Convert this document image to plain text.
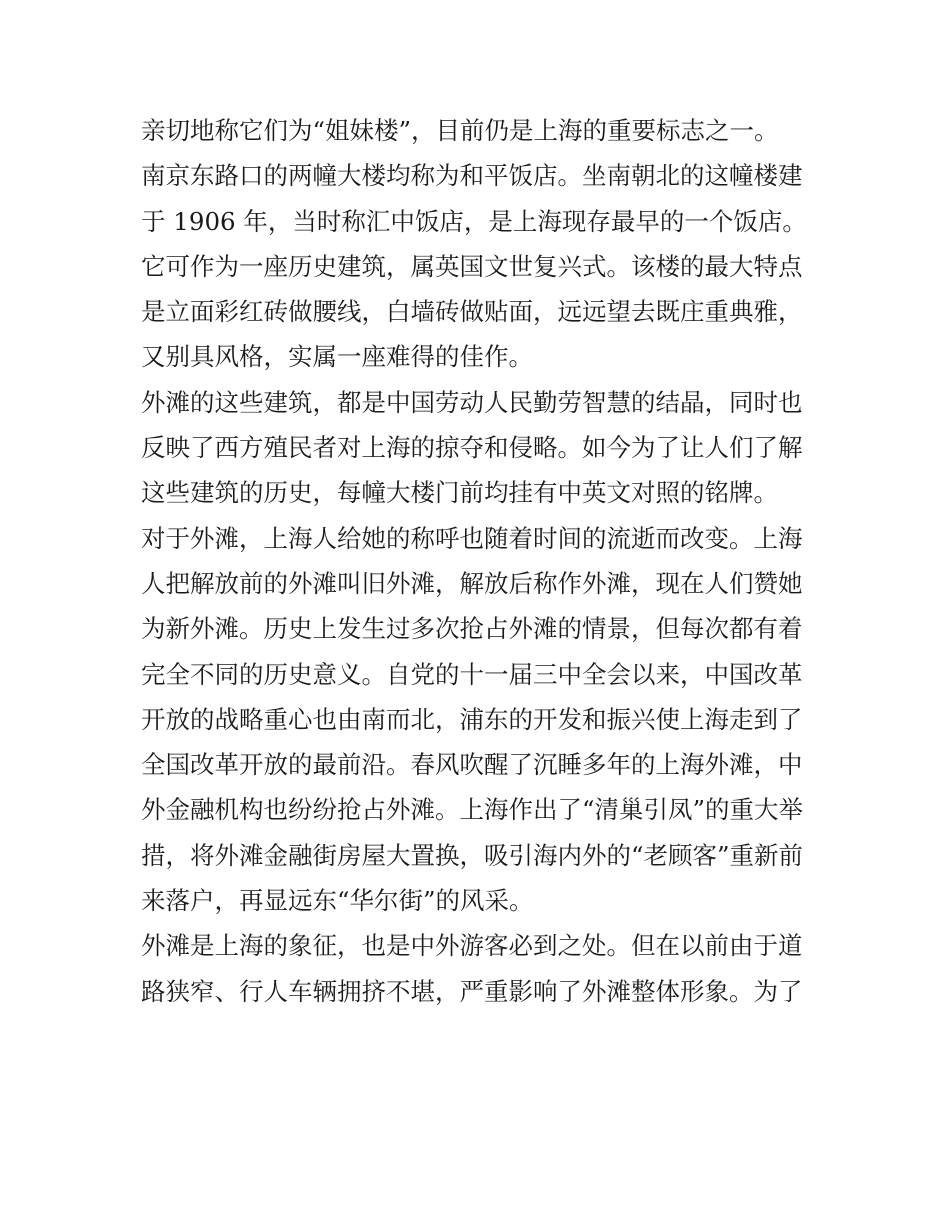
亲切地称它们为“姐妹楼”，目前仍是上海的重要标志之一。
南京东路口的两幢大楼均称为和平饭店。坐南朝北的这幢楼建
于 1906 年，当时称汇中饭店，是上海现存最早的一个饭店。
它可作为一座历史建筑，属英国文世复兴式。该楼的最大特点
是立面彩红砖做腰线，白墙砖做贴面，远远望去既庄重典雅，
又别具风格，实属一座难得的佳作。
外滩的这些建筑，都是中国劳动人民勤劳智慧的结晶，同时也
反映了西方殖民者对上海的掠夺和侵略。如今为了让人们了解
这些建筑的历史，每幢大楼门前均挂有中英文对照的铭牌。
对于外滩，上海人给她的称呼也随着时间的流逝而改变。上海
人把解放前的外滩叫旧外滩，解放后称作外滩，现在人们赞她
为新外滩。历史上发生过多次抢占外滩的情景，但每次都有着
完全不同的历史意义。自党的十一届三中全会以来，中国改革
开放的战略重心也由南而北，浦东的开发和振兴使上海走到了
全国改革开放的最前沿。春风吹醒了沉睡多年的上海外滩，中
外金融机构也纷纷抢占外滩。上海作出了“清巢引凤”的重大举
措，将外滩金融街房屋大置换，吸引海内外的“老顾客”重新前
来落户，再显远东“华尔街”的风采。
外滩是上海的象征，也是中外游客必到之处。但在以前由于道
路狭窄、行人车辆拥挤不堪，严重影响了外滩整体形象。为了
